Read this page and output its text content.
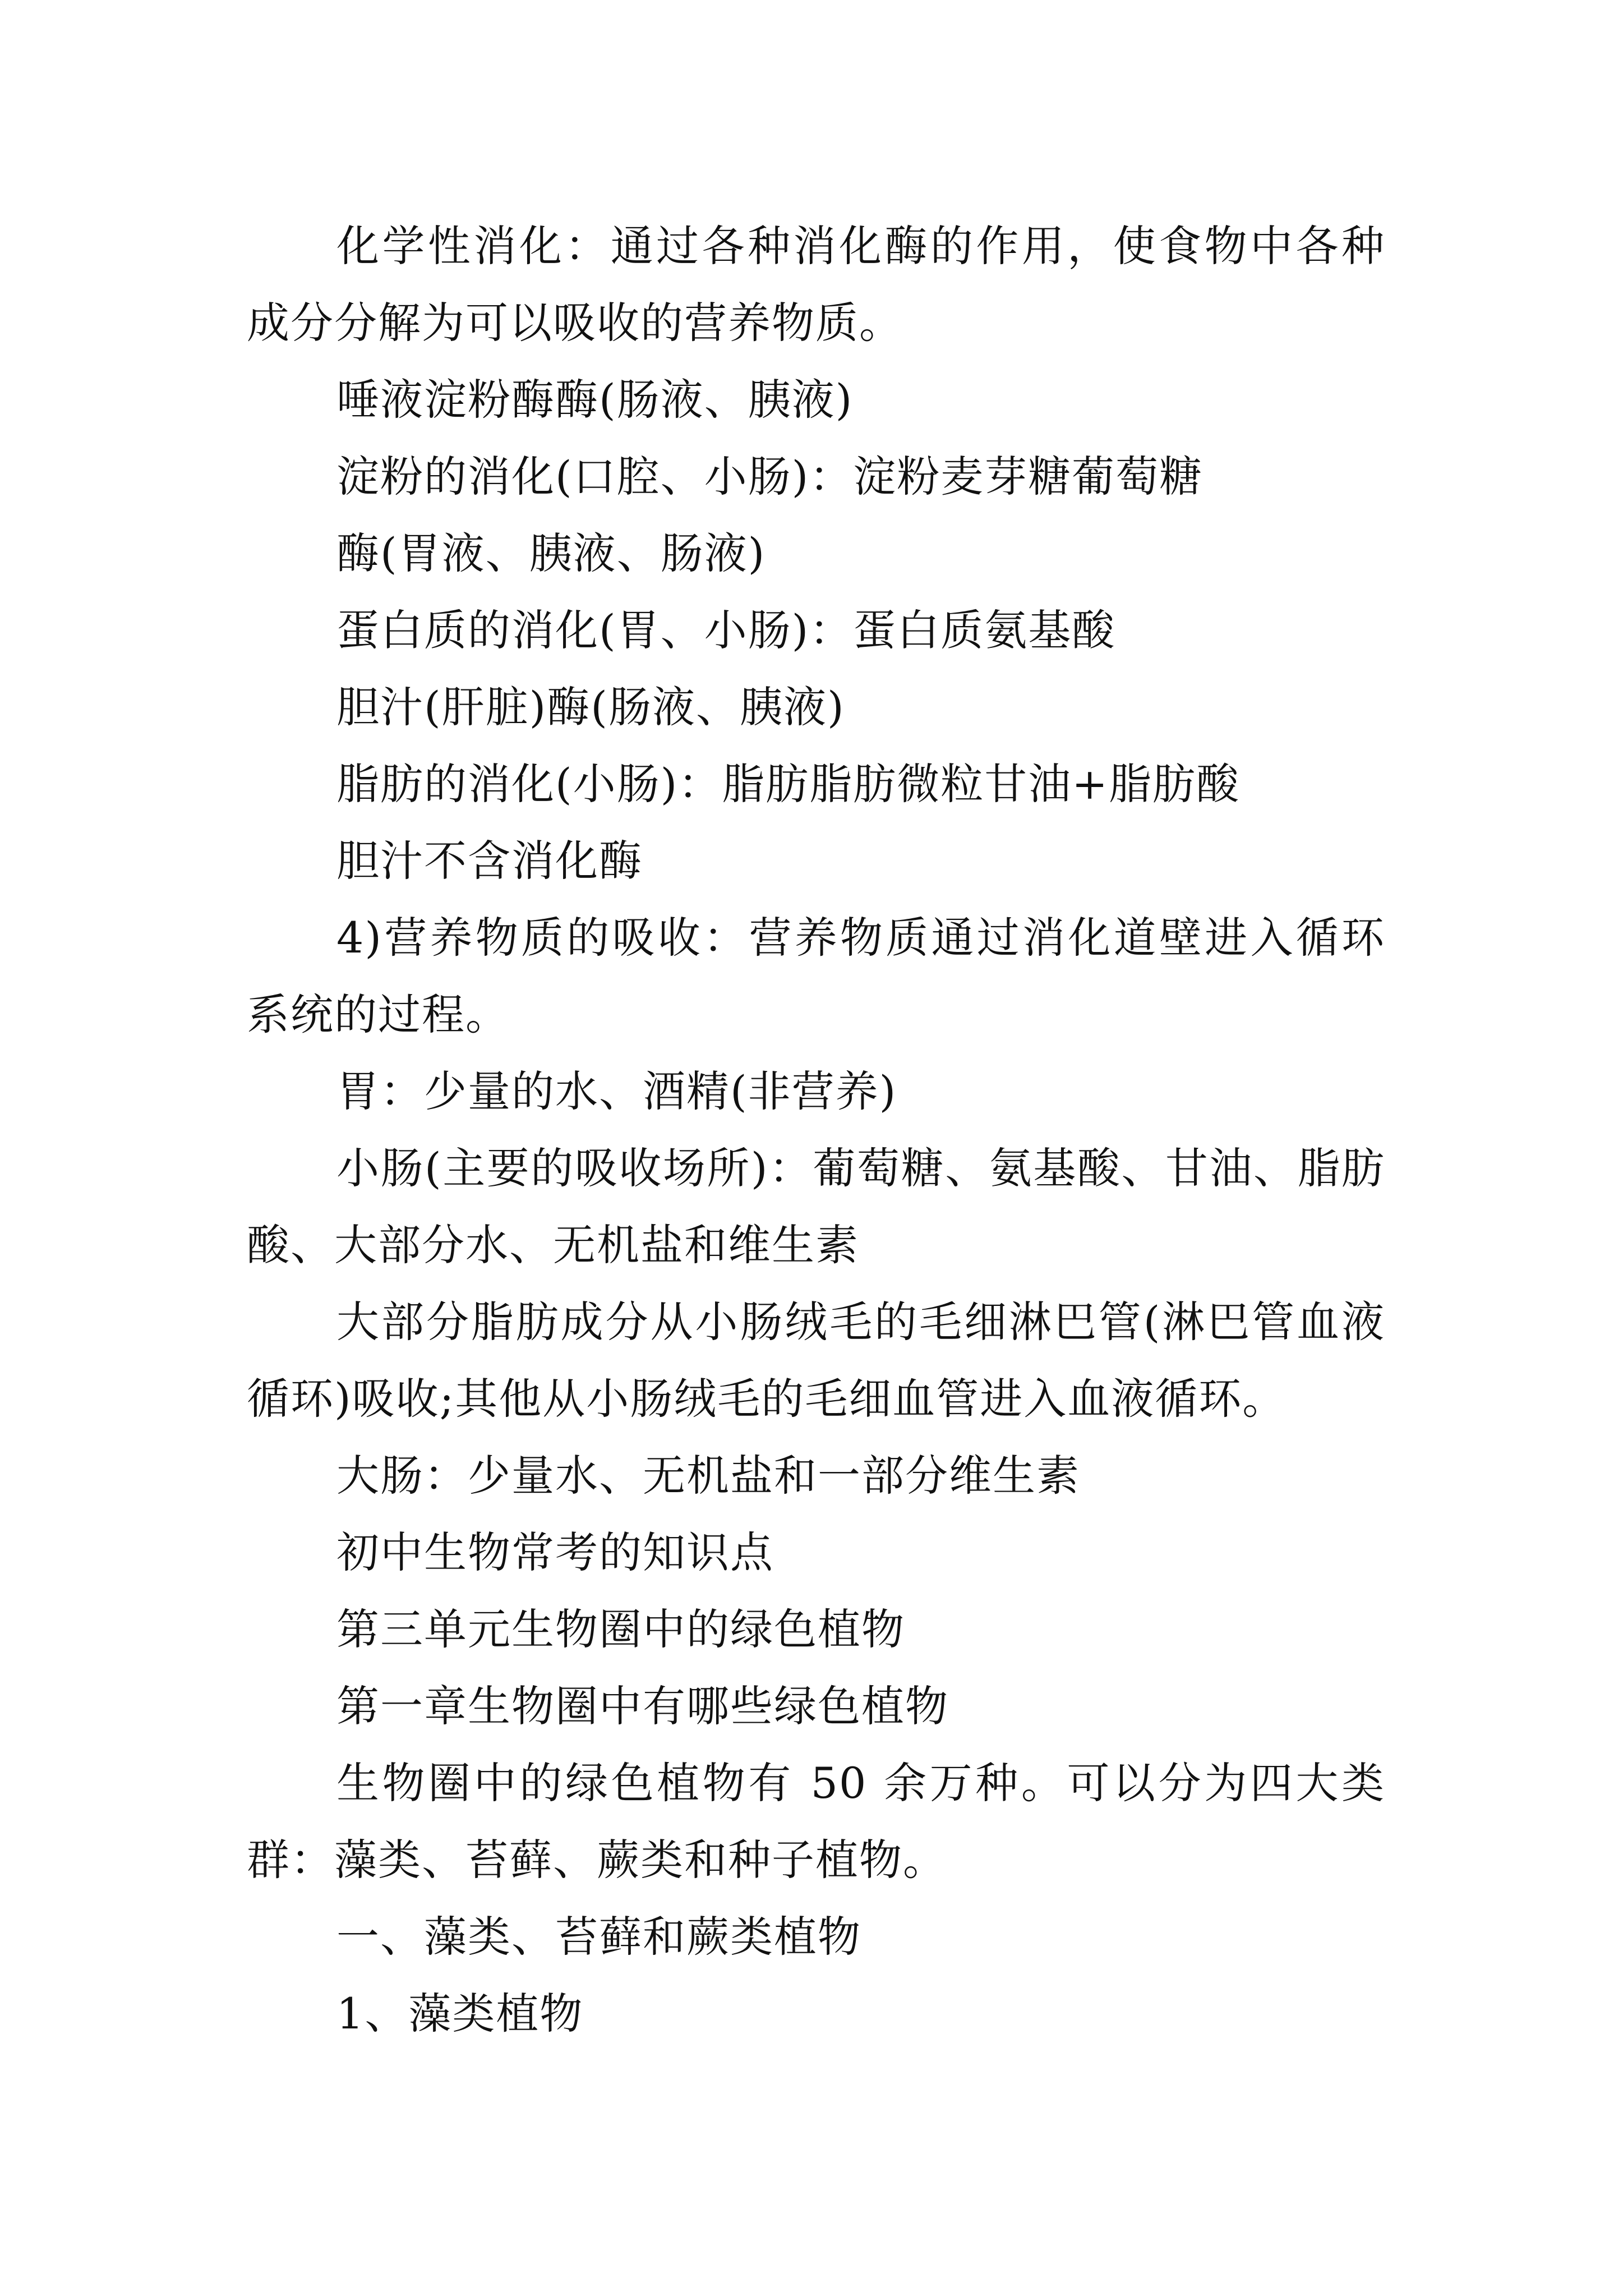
化学性消化：通过各种消化酶的作用，使食物中各种成分分解为可以吸收的营养物质。

唾液淀粉酶酶(肠液、胰液)

淀粉的消化(口腔、小肠)：淀粉麦芽糖葡萄糖

酶(胃液、胰液、肠液)

蛋白质的消化(胃、小肠)：蛋白质氨基酸

胆汁(肝脏)酶(肠液、胰液)

脂肪的消化(小肠)：脂肪脂肪微粒甘油+脂肪酸

胆汁不含消化酶

4)营养物质的吸收：营养物质通过消化道壁进入循环系统的过程。

胃：少量的水、酒精(非营养)

小肠(主要的吸收场所)：葡萄糖、氨基酸、甘油、脂肪酸、大部分水、无机盐和维生素

大部分脂肪成分从小肠绒毛的毛细淋巴管(淋巴管血液循环)吸收;其他从小肠绒毛的毛细血管进入血液循环。

大肠：少量水、无机盐和一部分维生素

初中生物常考的知识点

第三单元生物圈中的绿色植物

第一章生物圈中有哪些绿色植物

生物圈中的绿色植物有 50 余万种。可以分为四大类群：藻类、苔藓、蕨类和种子植物。

一、藻类、苔藓和蕨类植物

1、藻类植物
